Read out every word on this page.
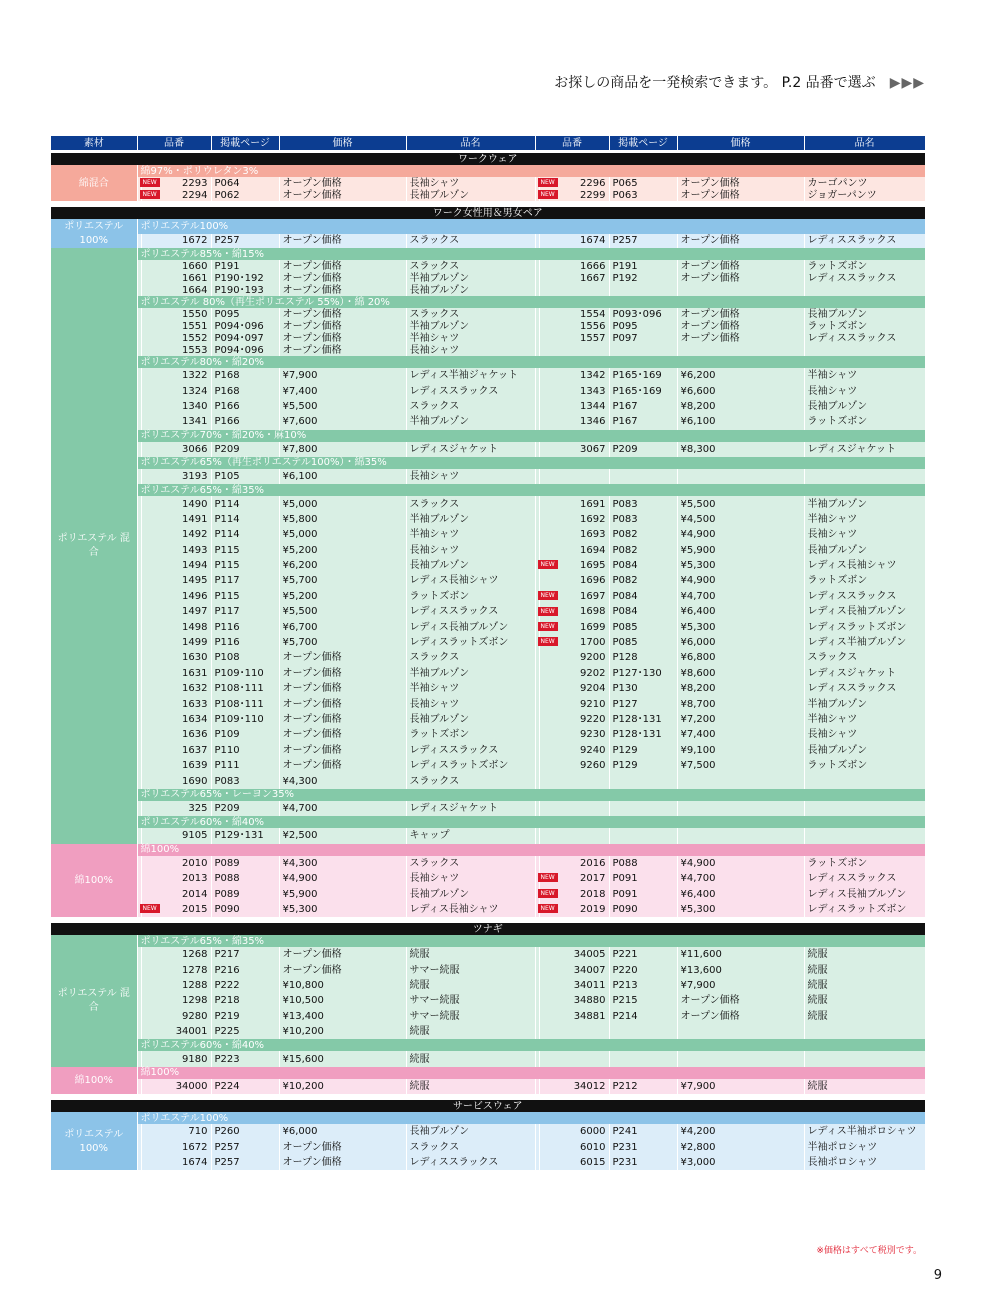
お探しの商品を一発検索できます。 P.2 品番で選ぶ ▶▶▶
素材	品番		掲載ページ	価格	品名	品番		掲載ページ	価格	品名

ワークウェア										
綿混合	綿97%・ポリウレタン3%									
	NEW	2293	P064	オープン価格	長袖シャツ	NEW	2296	P065	オープン価格	カーゴパンツ
	NEW	2294	P062	オープン価格	長袖ブルゾン	NEW	2299	P063	オープン価格	ジョガーパンツ

ワーク女性用＆男女ペア										
ポリエステル 100%	ポリエステル100%									
		1672	P257	オープン価格	スラックス		1674	P257	オープン価格	レディススラックス
ポリエステル 混合	ポリエステル85%・綿15%									
		1660	P191	オープン価格	スラックス		1666	P191	オープン価格	ラットズボン
		1661	P190･192	オープン価格	半袖ブルゾン		1667	P192	オープン価格	レディススラックス
		1664	P190･193	オープン価格	長袖ブルゾン					
	ポリエステル 80%（再生ポリエステル 55%）・綿 20%									
		1550	P095	オープン価格	スラックス		1554	P093･096	オープン価格	長袖ブルゾン
		1551	P094･096	オープン価格	半袖ブルゾン		1556	P095	オープン価格	ラットズボン
		1552	P094･097	オープン価格	半袖シャツ		1557	P097	オープン価格	レディススラックス
		1553	P094･096	オープン価格	長袖シャツ					
	ポリエステル80%・綿20%									
		1322	P168	¥7,900	レディス半袖ジャケット		1342	P165･169	¥6,200	半袖シャツ
		1324	P168	¥7,400	レディススラックス		1343	P165･169	¥6,600	長袖シャツ
		1340	P166	¥5,500	スラックス		1344	P167	¥8,200	長袖ブルゾン
		1341	P166	¥7,600	半袖ブルゾン		1346	P167	¥6,100	ラットズボン
	ポリエステル70%・綿20%・麻10%									
		3066	P209	¥7,800	レディスジャケット		3067	P209	¥8,300	レディスジャケット
	ポリエステル65%（再生ポリエステル100%）・綿35%									
		3193	P105	¥6,100	長袖シャツ					
	ポリエステル65%・綿35%									
		1490	P114	¥5,000	スラックス		1691	P083	¥5,500	半袖ブルゾン
		1491	P114	¥5,800	半袖ブルゾン		1692	P083	¥4,500	半袖シャツ
		1492	P114	¥5,000	半袖シャツ		1693	P082	¥4,900	長袖シャツ
		1493	P115	¥5,200	長袖シャツ		1694	P082	¥5,900	長袖ブルゾン
		1494	P115	¥6,200	長袖ブルゾン	NEW	1695	P084	¥5,300	レディス長袖シャツ
		1495	P117	¥5,700	レディス長袖シャツ		1696	P082	¥4,900	ラットズボン
		1496	P115	¥5,200	ラットズボン	NEW	1697	P084	¥4,700	レディススラックス
		1497	P117	¥5,500	レディススラックス	NEW	1698	P084	¥6,400	レディス長袖ブルゾン
		1498	P116	¥6,700	レディス長袖ブルゾン	NEW	1699	P085	¥5,300	レディスラットズボン
		1499	P116	¥5,700	レディスラットズボン	NEW	1700	P085	¥6,000	レディス半袖ブルゾン
		1630	P108	オープン価格	スラックス		9200	P128	¥6,800	スラックス
		1631	P109･110	オープン価格	半袖ブルゾン		9202	P127･130	¥8,600	レディスジャケット
		1632	P108･111	オープン価格	半袖シャツ		9204	P130	¥8,200	レディススラックス
		1633	P108･111	オープン価格	長袖シャツ		9210	P127	¥8,700	半袖ブルゾン
		1634	P109･110	オープン価格	長袖ブルゾン		9220	P128･131	¥7,200	半袖シャツ
		1636	P109	オープン価格	ラットズボン		9230	P128･131	¥7,400	長袖シャツ
		1637	P110	オープン価格	レディススラックス		9240	P129	¥9,100	長袖ブルゾン
		1639	P111	オープン価格	レディスラットズボン		9260	P129	¥7,500	ラットズボン
		1690	P083	¥4,300	スラックス					
	ポリエステル65%・レーヨン35%									
		325	P209	¥4,700	レディスジャケット					
	ポリエステル60%・綿40%									
		9105	P129･131	¥2,500	キャップ					
綿100%	綿100%									
		2010	P089	¥4,300	スラックス		2016	P088	¥4,900	ラットズボン
		2013	P088	¥4,900	長袖シャツ	NEW	2017	P091	¥4,700	レディススラックス
		2014	P089	¥5,900	長袖ブルゾン	NEW	2018	P091	¥6,400	レディス長袖ブルゾン
	NEW	2015	P090	¥5,300	レディス長袖シャツ	NEW	2019	P090	¥5,300	レディスラットズボン

ツナギ										
ポリエステル 混合	ポリエステル65%・綿35%									
		1268	P217	オープン価格	続服		34005	P221	¥11,600	続服
		1278	P216	オープン価格	サマー続服		34007	P220	¥13,600	続服
		1288	P222	¥10,800	続服		34011	P213	¥7,900	続服
		1298	P218	¥10,500	サマー続服		34880	P215	オープン価格	続服
		9280	P219	¥13,400	サマー続服		34881	P214	オープン価格	続服
		34001	P225	¥10,200	続服					
	ポリエステル60%・綿40%									
		9180	P223	¥15,600	続服					
綿100%	綿100%									
		34000	P224	¥10,200	続服		34012	P212	¥7,900	続服

サービスウェア										
ポリエステル 100%	ポリエステル100%									
		710	P260	¥6,000	長袖ブルゾン		6000	P241	¥4,200	レディス半袖ポロシャツ
		1672	P257	オープン価格	スラックス		6010	P231	¥2,800	半袖ポロシャツ
		1674	P257	オープン価格	レディススラックス		6015	P231	¥3,000	長袖ポロシャツ
※価格はすべて税別です。
9
